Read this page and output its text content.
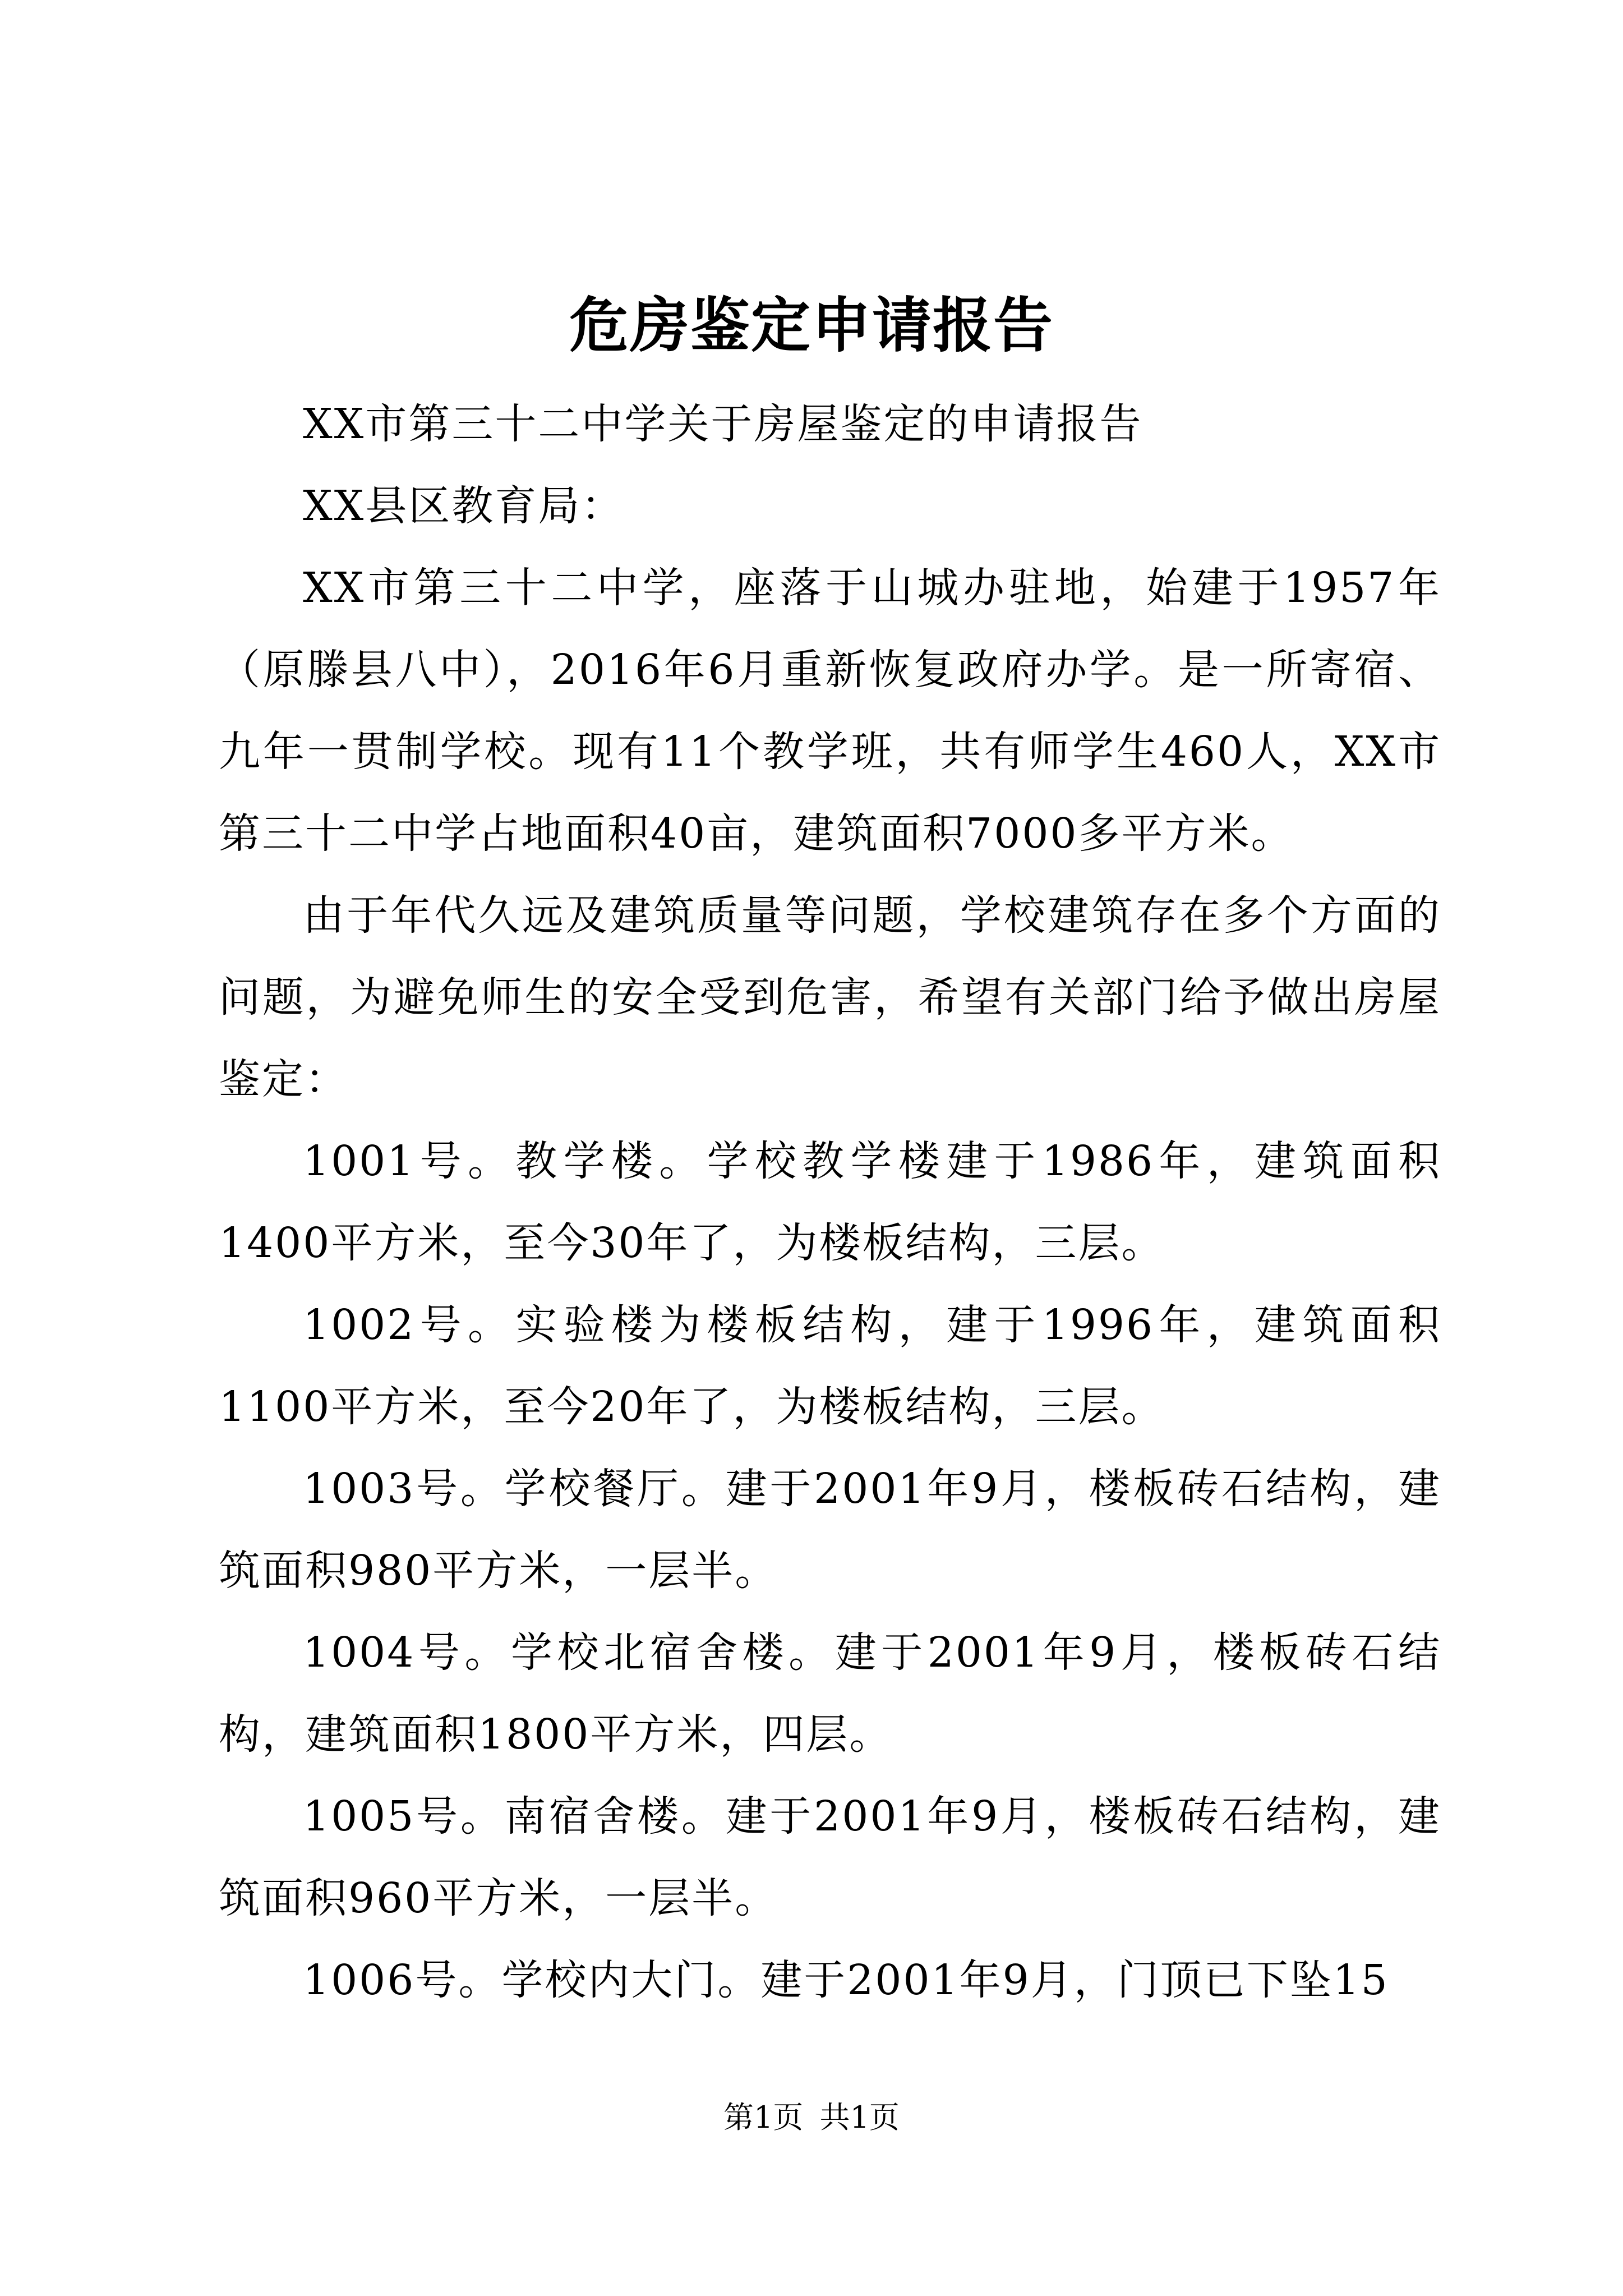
危房鉴定申请报告

XX市第三十二中学关于房屋鉴定的申请报告

XX县区教育局：

XX市第三十二中学，座落于山城办驻地，始建于1957年（原滕县八中），2016年6月重新恢复政府办学。是一所寄宿、九年一贯制学校。现有11个教学班，共有师学生460人，XX市第三十二中学占地面积40亩，建筑面积7000多平方米。

由于年代久远及建筑质量等问题，学校建筑存在多个方面的问题，为避免师生的安全受到危害，希望有关部门给予做出房屋鉴定：

1001号。教学楼。学校教学楼建于1986年，建筑面积1400平方米，至今30年了，为楼板结构，三层。

1002号。实验楼为楼板结构，建于1996年，建筑面积1100平方米，至今20年了，为楼板结构，三层。

1003号。学校餐厅。建于2001年9月，楼板砖石结构，建筑面积980平方米，一层半。

1004号。学校北宿舍楼。建于2001年9月，楼板砖石结构，建筑面积1800平方米，四层。

1005号。南宿舍楼。建于2001年9月，楼板砖石结构，建筑面积960平方米，一层半。

1006号。学校内大门。建于2001年9月，门顶已下坠15

第1页 共1页
